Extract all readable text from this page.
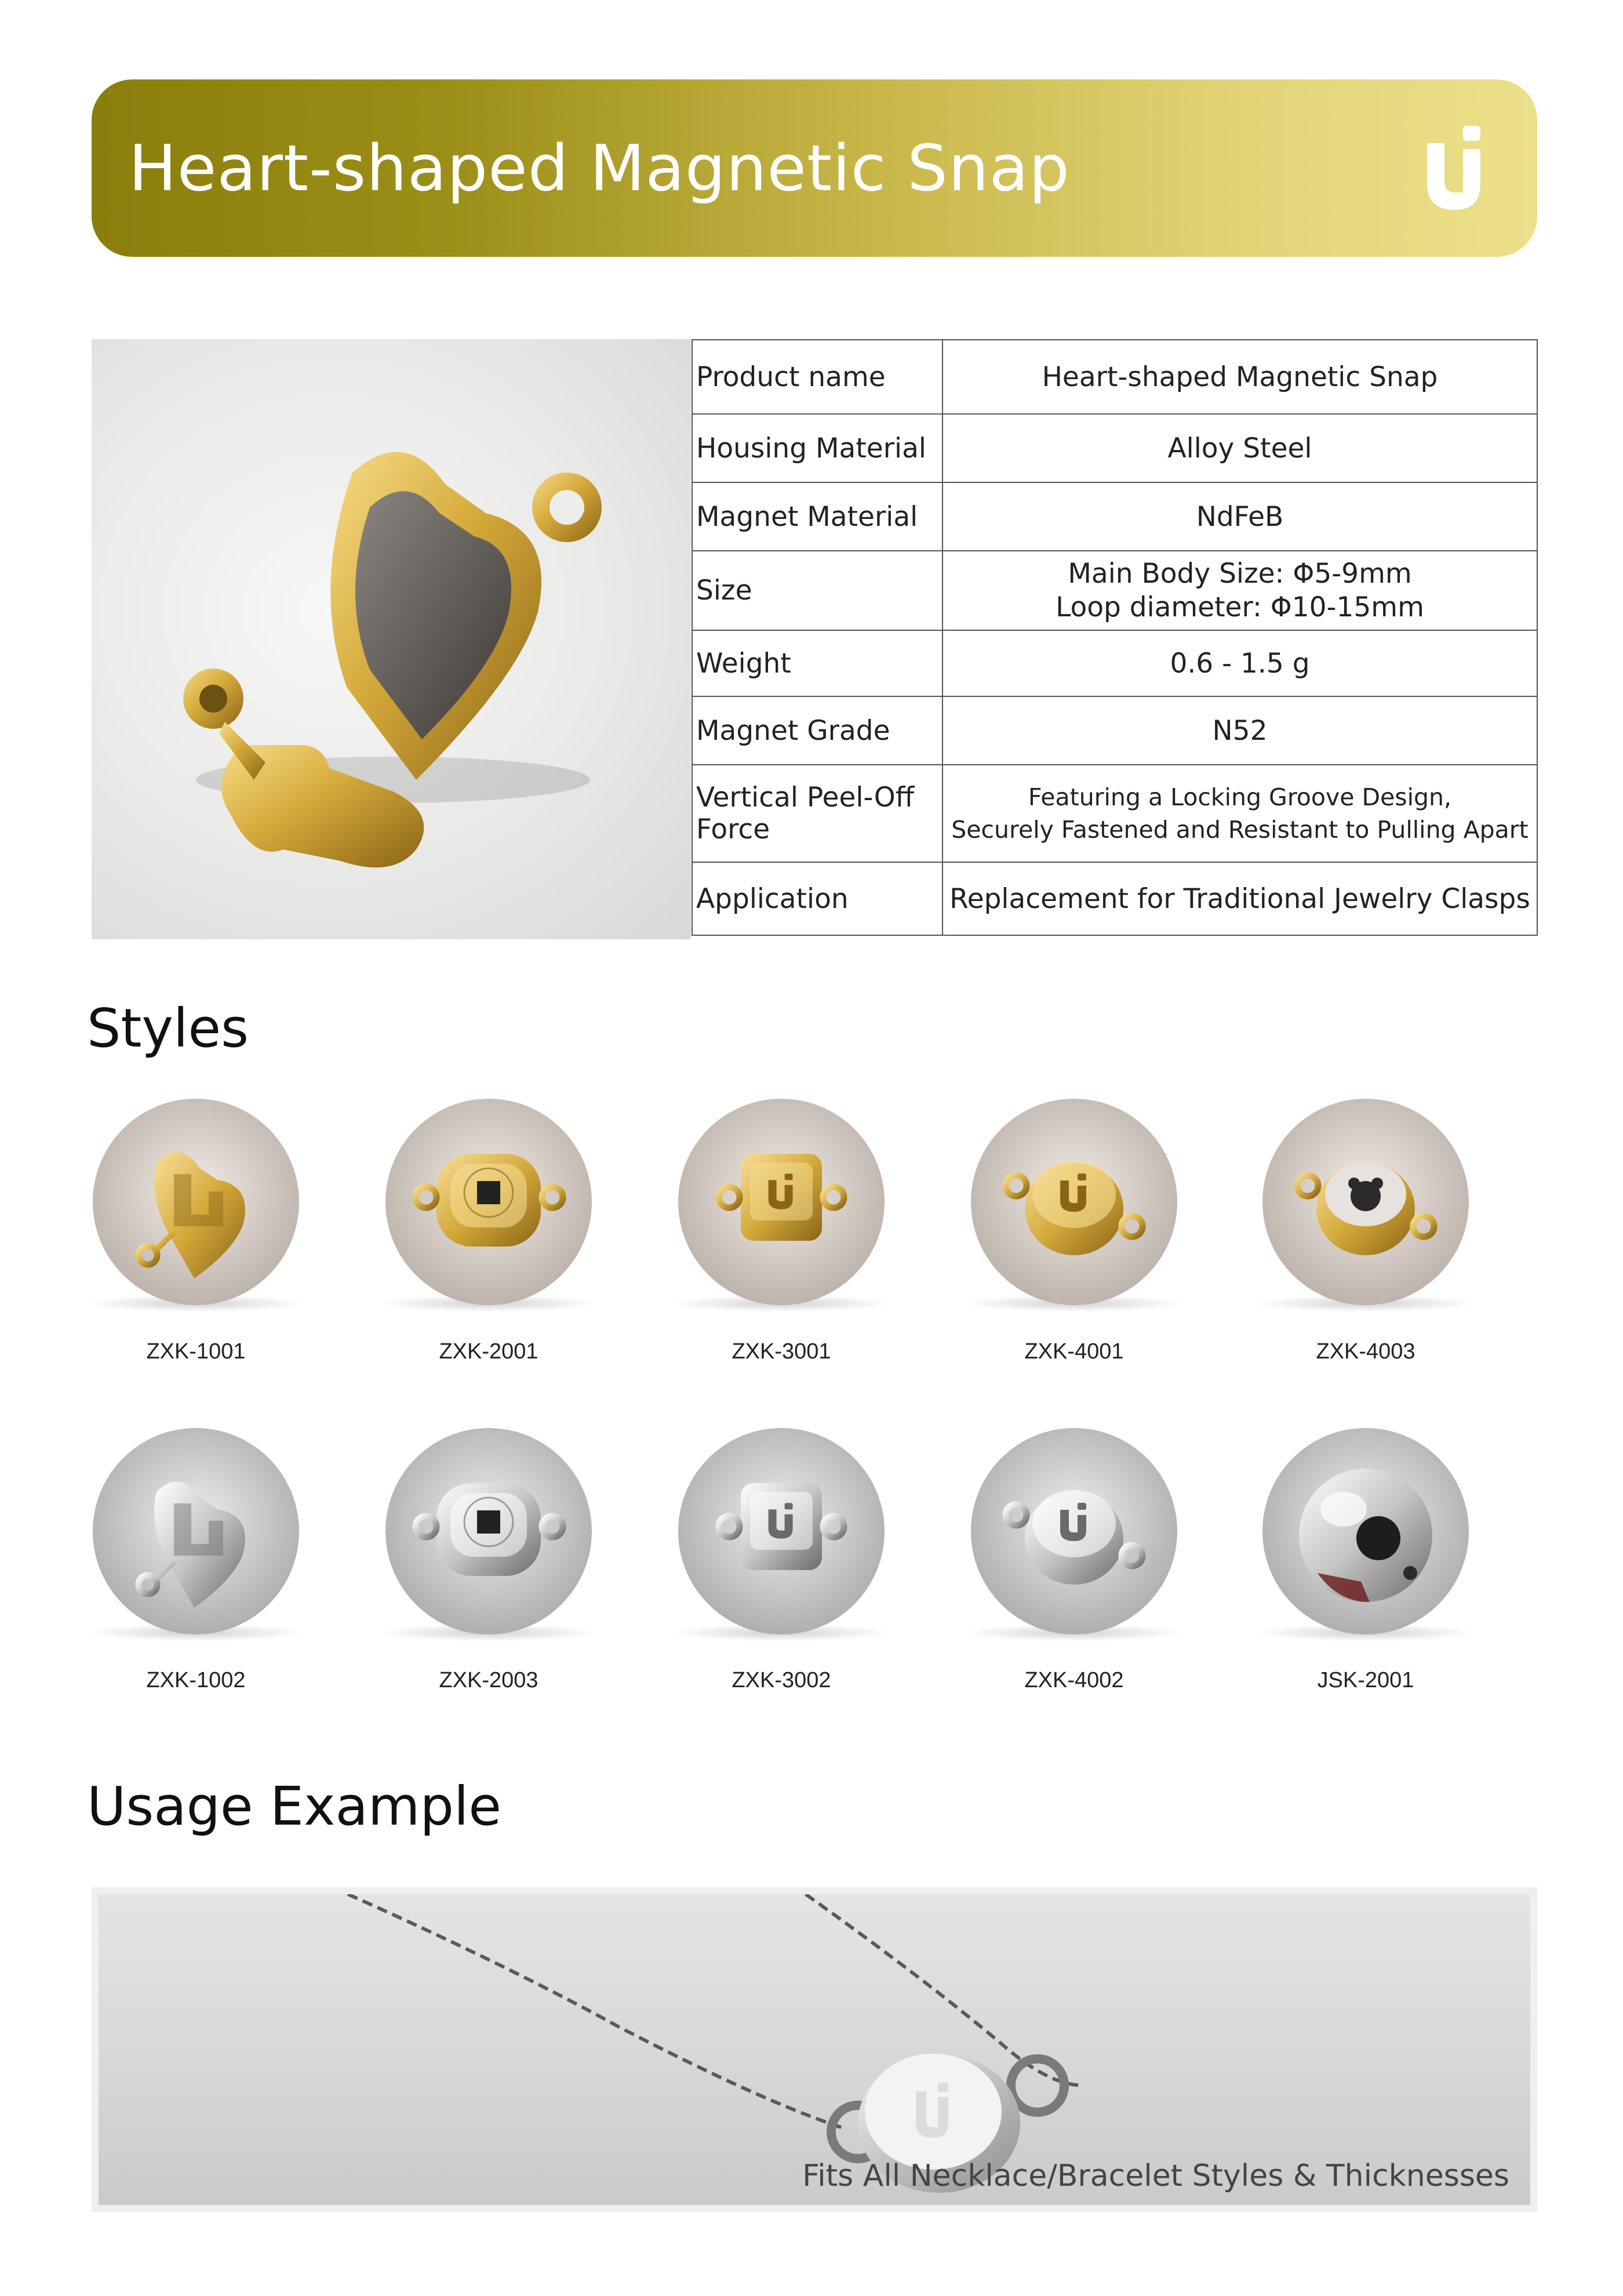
Heart-shaped Magnetic Snap
Product name	Heart-shaped Magnetic Snap
Housing Material	Alloy Steel
Magnet Material	NdFeB
Size	Main Body Size: Φ5-9mm
Loop diameter: Φ10-15mm

Weight	0.6 - 1.5 g
Magnet Grade	N52
Vertical Peel-Off Force	Featuring a Locking Groove Design,
Securely Fastened and Resistant to Pulling Apart

Application	Replacement for Traditional Jewelry Clasps
Styles
ZXK-1001	ZXK-2001	ZXK-3001	ZXK-4001	ZXK-4003
ZXK-1002	ZXK-2003	ZXK-3002	ZXK-4002	JSK-2001
Usage Example
Fits All Necklace/Bracelet Styles & Thicknesses
